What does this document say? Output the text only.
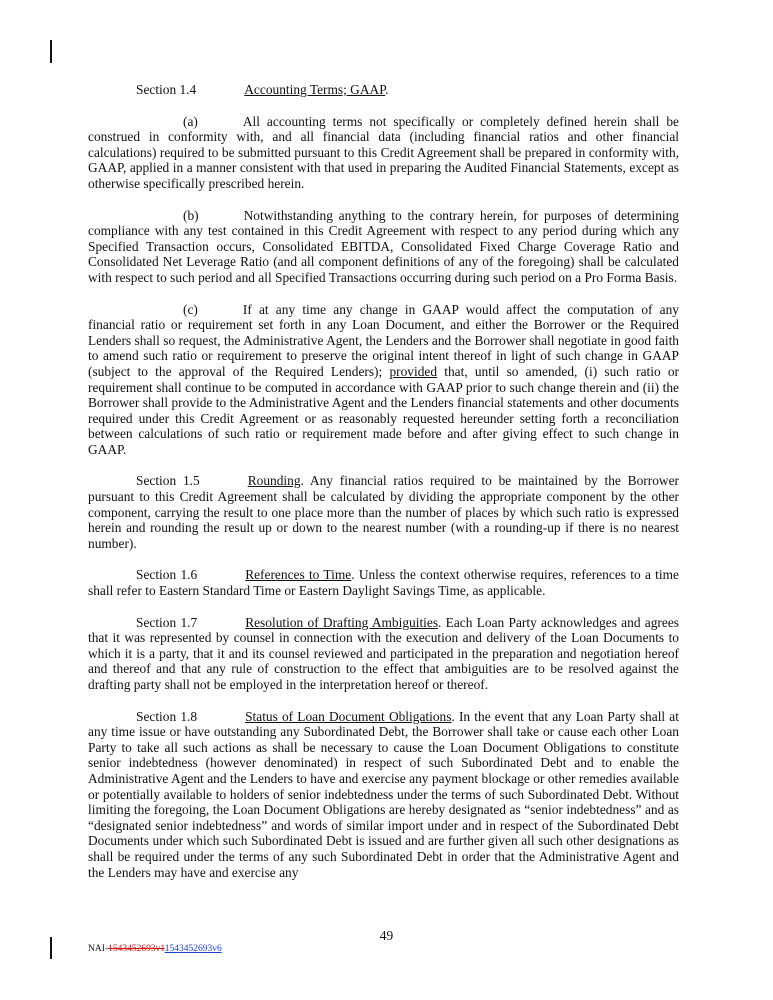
Section 1.4	Accounting Terms; GAAP.

(a)	All accounting terms not specifically or completely defined herein shall be construed in conformity with, and all financial data (including financial ratios and other financial calculations) required to be submitted pursuant to this Credit Agreement shall be prepared in conformity with, GAAP, applied in a manner consistent with that used in preparing the Audited Financial Statements, except as otherwise specifically prescribed herein.

(b)	Notwithstanding anything to the contrary herein, for purposes of determining compliance with any test contained in this Credit Agreement with respect to any period during which any Specified Transaction occurs, Consolidated EBITDA, Consolidated Fixed Charge Coverage Ratio and Consolidated Net Leverage Ratio (and all component definitions of any of the foregoing) shall be calculated with respect to such period and all Specified Transactions occurring during such period on a Pro Forma Basis.

(c)	If at any time any change in GAAP would affect the computation of any financial ratio or requirement set forth in any Loan Document, and either the Borrower or the Required Lenders shall so request, the Administrative Agent, the Lenders and the Borrower shall negotiate in good faith to amend such ratio or requirement to preserve the original intent thereof in light of such change in GAAP (subject to the approval of the Required Lenders); provided that, until so amended, (i) such ratio or requirement shall continue to be computed in accordance with GAAP prior to such change therein and (ii) the Borrower shall provide to the Administrative Agent and the Lenders financial statements and other documents required under this Credit Agreement or as reasonably requested hereunder setting forth a reconciliation between calculations of such ratio or requirement made before and after giving effect to such change in GAAP.

Section 1.5	Rounding. Any financial ratios required to be maintained by the Borrower pursuant to this Credit Agreement shall be calculated by dividing the appropriate component by the other component, carrying the result to one place more than the number of places by which such ratio is expressed herein and rounding the result up or down to the nearest number (with a rounding-up if there is no nearest number).

Section 1.6	References to Time. Unless the context otherwise requires, references to a time shall refer to Eastern Standard Time or Eastern Daylight Savings Time, as applicable.

Section 1.7	Resolution of Drafting Ambiguities. Each Loan Party acknowledges and agrees that it was represented by counsel in connection with the execution and delivery of the Loan Documents to which it is a party, that it and its counsel reviewed and participated in the preparation and negotiation hereof and thereof and that any rule of construction to the effect that ambiguities are to be resolved against the drafting party shall not be employed in the interpretation hereof or thereof.

Section 1.8	Status of Loan Document Obligations. In the event that any Loan Party shall at any time issue or have outstanding any Subordinated Debt, the Borrower shall take or cause each other Loan Party to take all such actions as shall be necessary to cause the Loan Document Obligations to constitute senior indebtedness (however denominated) in respect of such Subordinated Debt and to enable the Administrative Agent and the Lenders to have and exercise any payment blockage or other remedies available or potentially available to holders of senior indebtedness under the terms of such Subordinated Debt. Without limiting the foregoing, the Loan Document Obligations are hereby designated as “senior indebtedness” and as “designated senior indebtedness” and words of similar import under and in respect of the Subordinated Debt Documents under which such Subordinated Debt is issued and are further given all such other designations as shall be required under the terms of any such Subordinated Debt in order that the Administrative Agent and the Lenders may have and exercise any

49
NAI-1543452693v11543452693v6
